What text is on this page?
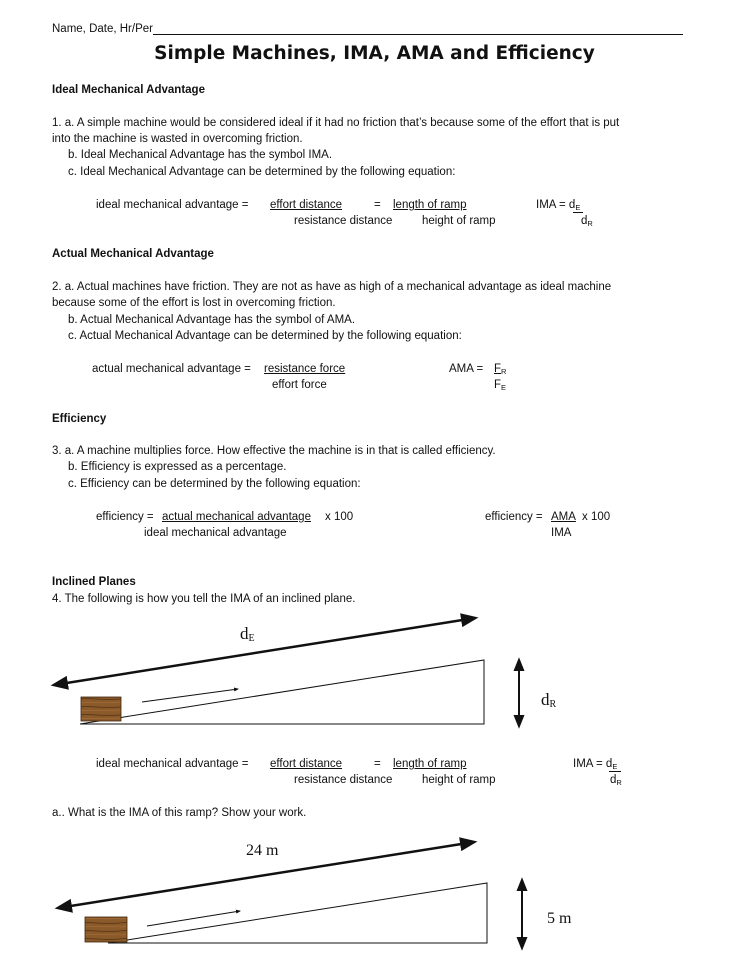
Name, Date, Hr/Per
Simple Machines, IMA, AMA and Efficiency
Ideal Mechanical Advantage
1. a. A simple machine would be considered ideal if it had no friction that’s because some of the effort that is put
into the machine is wasted in overcoming friction.
b. Ideal Mechanical Advantage has the symbol IMA.
c. Ideal Mechanical Advantage can be determined by the following equation:
ideal mechanical advantage = effort distance	= length of ramp
resistance distance	height of ramp
IMA = $d_E$
$d_R$
Actual Mechanical Advantage
2. a. Actual machines have friction. They are not as have as high of a mechanical advantage as ideal machine
because some of the effort is lost in overcoming friction.
b. Actual Mechanical Advantage has the symbol of AMA.
c. Actual Mechanical Advantage can be determined by the following equation:
actual mechanical advantage = resistance force
effort force
AMA = $F_R$
$F_E$
Efficiency
3. a. A machine multiplies force. How effective the machine is in that is called efficiency.
b. Efficiency is expressed as a percentage.
c. Efficiency can be determined by the following equation:
efficiency = actual mechanical advantage x 100
ideal mechanical advantage
efficiency = AMA x 100
IMA
Inclined Planes
4. The following is how you tell the IMA of an inclined plane.
$d_E$
$d_R$
ideal mechanical advantage = effort distance	= length of ramp
resistance distance	height of ramp
IMA = $d_E$
$d_R$
a.. What is the IMA of this ramp? Show your work.
24 m
5 m
